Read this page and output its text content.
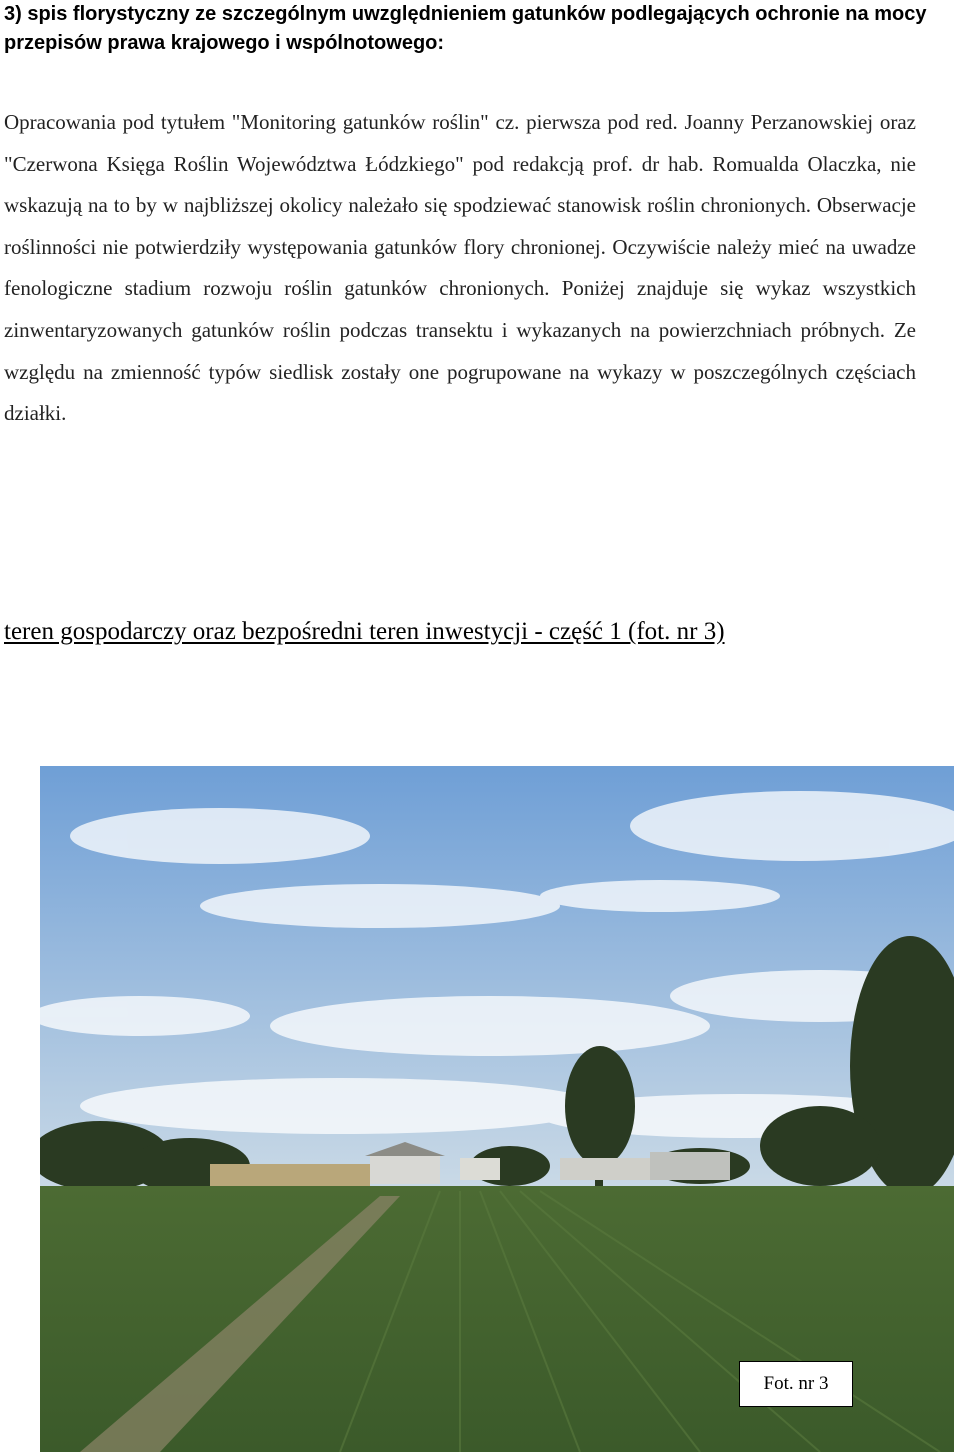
3) spis florystyczny ze szczególnym uwzględnieniem gatunków podlegających ochronie na mocy przepisów prawa krajowego i wspólnotowego:
Opracowania pod tytułem "Monitoring gatunków roślin" cz. pierwsza pod red. Joanny Perzanowskiej oraz "Czerwona Księga Roślin Województwa Łódzkiego" pod redakcją prof. dr hab. Romualda Olaczka, nie wskazują na to by w najbliższej okolicy należało się spodziewać stanowisk roślin chronionych. Obserwacje roślinności nie potwierdziły występowania gatunków flory chronionej. Oczywiście należy mieć na uwadze fenologiczne stadium rozwoju roślin gatunków chronionych. Poniżej znajduje się wykaz wszystkich zinwentaryzowanych gatunków roślin podczas transektu i wykazanych na powierzchniach próbnych. Ze względu na zmienność typów siedlisk zostały one pogrupowane na wykazy w poszczególnych częściach działki.
teren gospodarczy oraz bezpośredni teren inwestycji - część 1 (fot. nr 3)
Fot. nr 3
